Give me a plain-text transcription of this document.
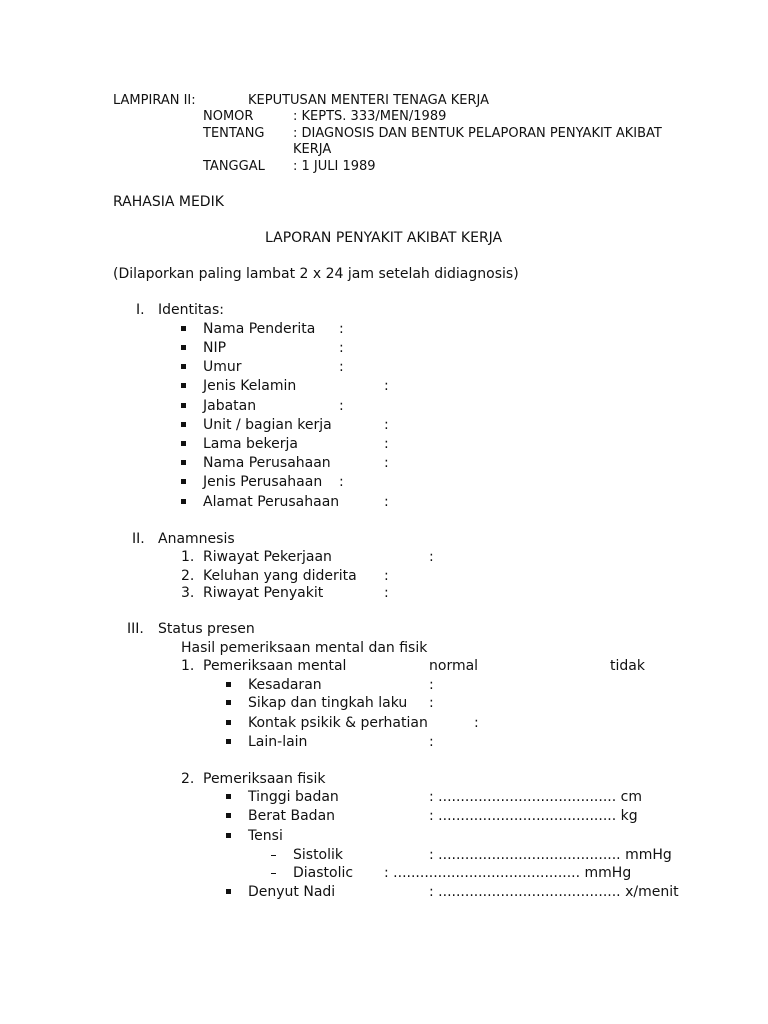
LAMPIRAN II:	KEPUTUSAN MENTERI TENAGA KERJA
NOMOR	: KEPTS. 333/MEN/1989
TENTANG : DIAGNOSIS DAN BENTUK PELAPORAN PENYAKIT AKIBAT
KERJA
TANGGAL : 1 JULI 1989
RAHASIA MEDIK
LAPORAN PENYAKIT AKIBAT KERJA
(Dilaporkan paling lambat 2 x 24 jam setelah didiagnosis)
I. Identitas:
Nama Penderita :
NIP	:
Umur	:
Jenis Kelamin	:
Jabatan	:
Unit / bagian kerja	:
Lama bekerja	:
Nama Perusahaan	:
Jenis Perusahaan :
Alamat Perusahaan	:
II. Anamnesis
1. Riwayat Pekerjaan	:
2. Keluhan yang diderita :
3. Riwayat Penyakit	:
III. Status presen
Hasil pemeriksaan mental dan fisik
1. Pemeriksaan mental	normal	tidak
Kesadaran	:
Sikap dan tingkah laku :
Kontak psikik & perhatian	:
Lain-lain	:
2. Pemeriksaan fisik
Tinggi badan	: ........................................ cm
Berat Badan	: ........................................ kg
Tensi
Sistolik	: ......................................... mmHg
Diastolic : .......................................... mmHg
Denyut Nadi	: ......................................... x/menit
